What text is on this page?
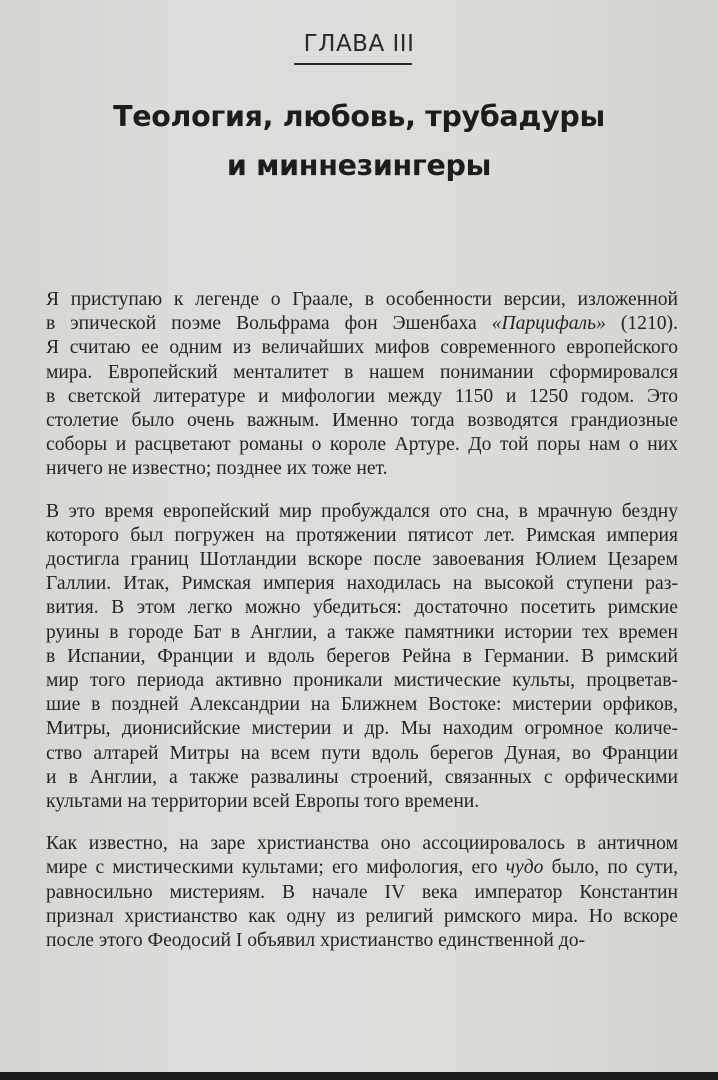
ГЛАВА III
Теология, любовь, трубадуры
и миннезингеры

Я приступаю к легенде о Граале, в особенности версии, изложенной
в эпической поэме Вольфрама фон Эшенбаха «Парцифаль» (1210).
Я считаю ее одним из величайших мифов современного европейского
мира. Европейский менталитет в нашем понимании сформировался
в светской литературе и мифологии между 1150 и 1250 годом. Это
столетие было очень важным. Именно тогда возводятся грандиозные
соборы и расцветают романы о короле Артуре. До той поры нам о них
ничего не известно; позднее их тоже нет.

В это время европейский мир пробуждался ото сна, в мрачную бездну
которого был погружен на протяжении пятисот лет. Римская империя
достигла границ Шотландии вскоре после завоевания Юлием Цезарем
Галлии. Итак, Римская империя находилась на высокой ступени раз-
вития. В этом легко можно убедиться: достаточно посетить римские
руины в городе Бат в Англии, а также памятники истории тех времен
в Испании, Франции и вдоль берегов Рейна в Германии. В римский
мир того периода активно проникали мистические культы, процветав-
шие в поздней Александрии на Ближнем Востоке: мистерии орфиков,
Митры, дионисийские мистерии и др. Мы находим огромное количе-
ство алтарей Митры на всем пути вдоль берегов Дуная, во Франции
и в Англии, а также развалины строений, связанных с орфическими
культами на территории всей Европы того времени.

Как известно, на заре христианства оно ассоциировалось в античном
мире с мистическими культами; его мифология, его чудо было, по сути,
равносильно мистериям. В начале IV века император Константин
признал христианство как одну из религий римского мира. Но вскоре
после этого Феодосий I объявил христианство единственной до-
